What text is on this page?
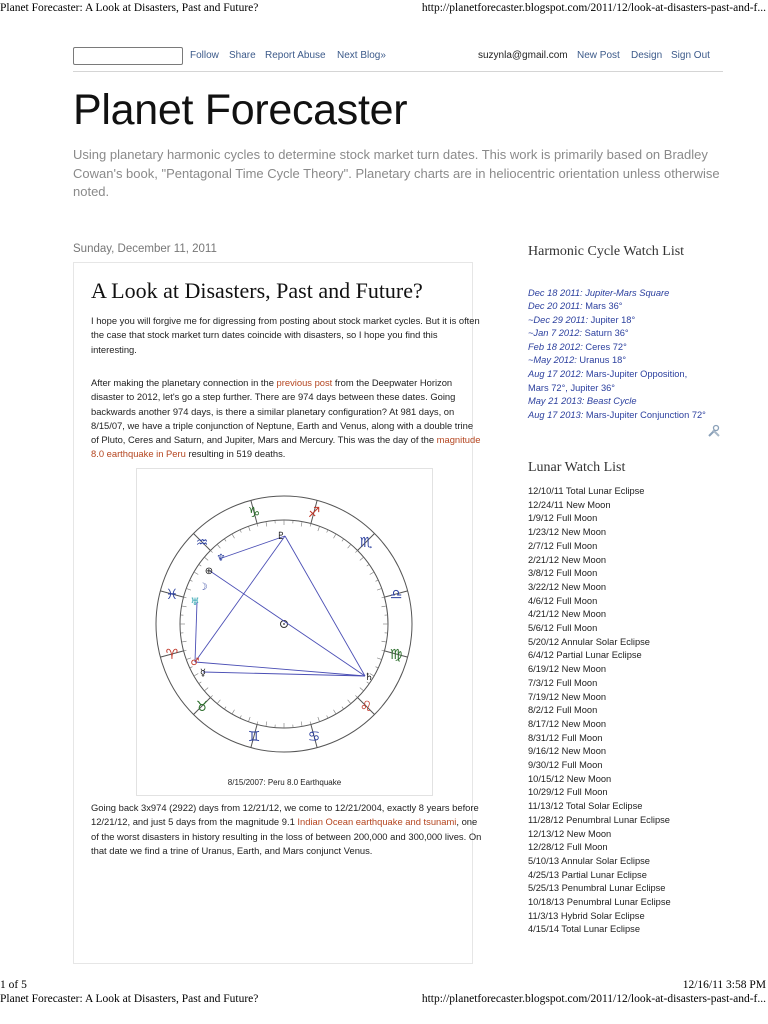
Planet Forecaster: A Look at Disasters, Past and Future?	http://planetforecaster.blogspot.com/2011/12/look-at-disasters-past-and-f...
Follow Share Report Abuse Next Blog»	suzynla@gmail.com New Post Design Sign Out
Planet Forecaster
Using planetary harmonic cycles to determine stock market turn dates. This work is primarily based on Bradley Cowan's book, "Pentagonal Time Cycle Theory". Planetary charts are in heliocentric orientation unless otherwise noted.
Sunday, December 11, 2011
A Look at Disasters, Past and Future?

I hope you will forgive me for digressing from posting about stock market cycles. But it is often the case that stock market turn dates coincide with disasters, so I hope you find this interesting.

After making the planetary connection in the previous post from the Deepwater Horizon disaster to 2012, let's go a step further. There are 974 days between these dates. Going backwards another 974 days, is there a similar planetary configuration? At 981 days, on 8/15/07, we have a triple conjunction of Neptune, Earth and Venus, along with a double trine of Pluto, Ceres and Saturn, and Jupiter, Mars and Mercury. This was the day of the magnitude 8.0 earthquake in Peru resulting in 519 deaths.

♑	♐
♏
♎
♍
♌
♋
♊
♉
♈
♓
♒	♇
♆
⊕
☽
♅
♂
☿	♄
8/15/2007: Peru 8.0 Earthquake

Going back 3x974 (2922) days from 12/21/12, we come to 12/21/2004, exactly 8 years before 12/21/12, and just 5 days from the magnitude 9.1 Indian Ocean earthquake and tsunami, one of the worst disasters in history resulting in the loss of between 200,000 and 300,000 lives. On that date we find a trine of Uranus, Earth, and Mars conjunct Venus.

Harmonic Cycle Watch List
Dec 18 2011: Jupiter-Mars Square
Dec 20 2011: Mars 36°
~Dec 29 2011: Jupiter 18°
~Jan 7 2012: Saturn 36°
Feb 18 2012: Ceres 72°
~May 2012: Uranus 18°
Aug 17 2012: Mars-Jupiter Opposition, Mars 72°, Jupiter 36°
May 21 2013: Beast Cycle
Aug 17 2013: Mars-Jupiter Conjunction 72°
Lunar Watch List
12/10/11 Total Lunar Eclipse
12/24/11 New Moon
1/9/12 Full Moon
1/23/12 New Moon
2/7/12 Full Moon
2/21/12 New Moon
3/8/12 Full Moon
3/22/12 New Moon
4/6/12 Full Moon
4/21/12 New Moon
5/6/12 Full Moon
5/20/12 Annular Solar Eclipse
6/4/12 Partial Lunar Eclipse
6/19/12 New Moon
7/3/12 Full Moon
7/19/12 New Moon
8/2/12 Full Moon
8/17/12 New Moon
8/31/12 Full Moon
9/16/12 New Moon
9/30/12 Full Moon
10/15/12 New Moon
10/29/12 Full Moon
11/13/12 Total Solar Eclipse
11/28/12 Penumbral Lunar Eclipse
12/13/12 New Moon
12/28/12 Full Moon
5/10/13 Annular Solar Eclipse
4/25/13 Partial Lunar Eclipse
5/25/13 Penumbral Lunar Eclipse
10/18/13 Penumbral Lunar Eclipse
11/3/13 Hybrid Solar Eclipse
4/15/14 Total Lunar Eclipse
1 of 5	12/16/11 3:58 PM
Planet Forecaster: A Look at Disasters, Past and Future?	http://planetforecaster.blogspot.com/2011/12/look-at-disasters-past-and-f...
